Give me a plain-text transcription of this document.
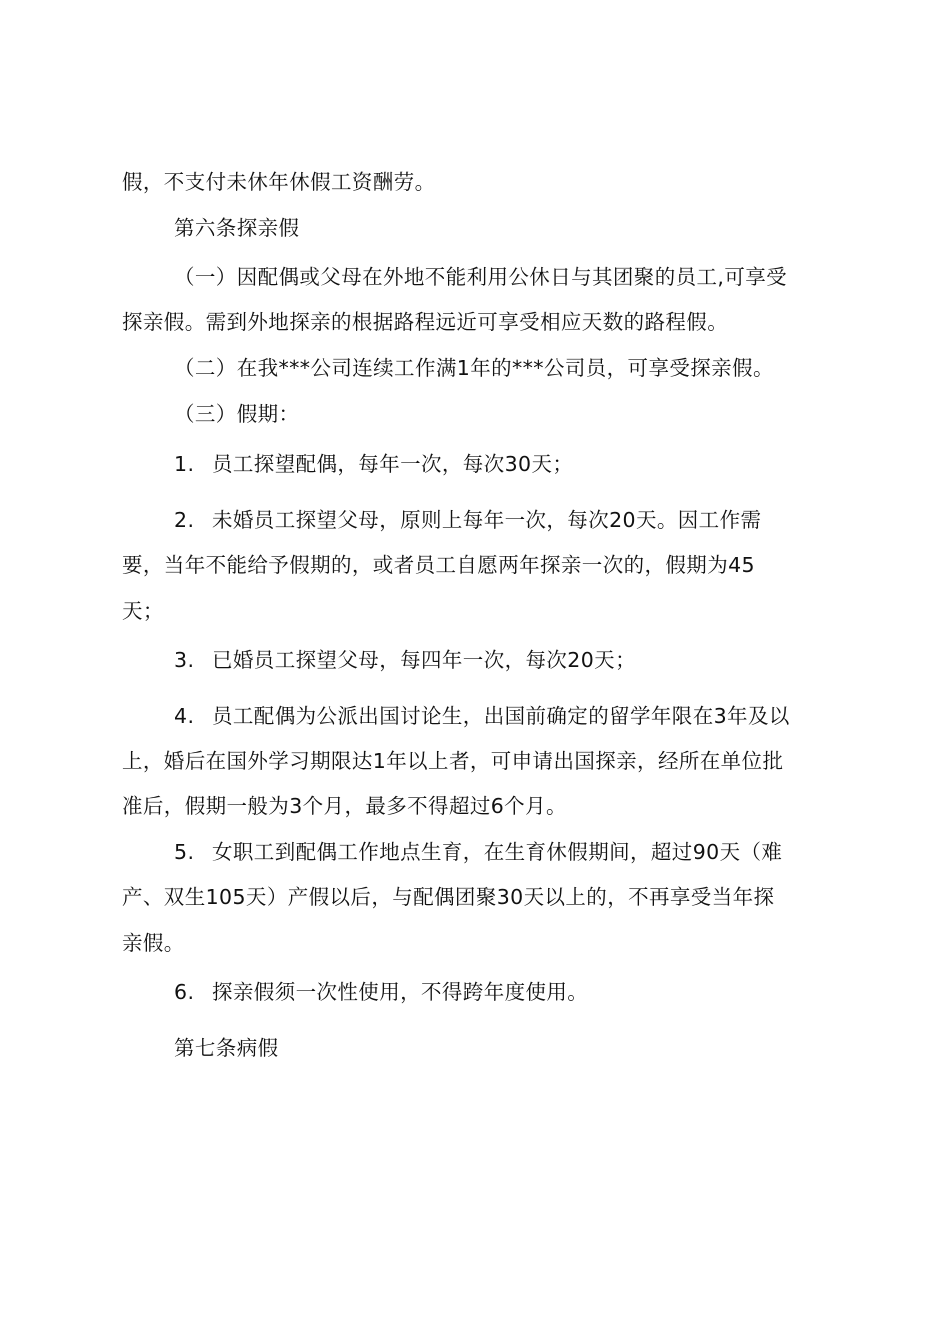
假，不支付未休年休假工资酬劳。
第六条探亲假
（一）因配偶或父母在外地不能利用公休日与其团聚的员工,可享受
探亲假。需到外地探亲的根据路程远近可享受相应天数的路程假。
（二）在我***公司连续工作满1年的***公司员，可享受探亲假。
（三）假期：
1. 员工探望配偶，每年一次，每次30天；
2. 未婚员工探望父母，原则上每年一次，每次20天。因工作需
要，当年不能给予假期的，或者员工自愿两年探亲一次的，假期为45
天；
3. 已婚员工探望父母，每四年一次，每次20天；
4. 员工配偶为公派出国讨论生，出国前确定的留学年限在3年及以
上，婚后在国外学习期限达1年以上者，可申请出国探亲，经所在单位批
准后，假期一般为3个月，最多不得超过6个月。
5. 女职工到配偶工作地点生育，在生育休假期间，超过90天（难
产、双生105天）产假以后，与配偶团聚30天以上的，不再享受当年探
亲假。
6. 探亲假须一次性使用，不得跨年度使用。
第七条病假
